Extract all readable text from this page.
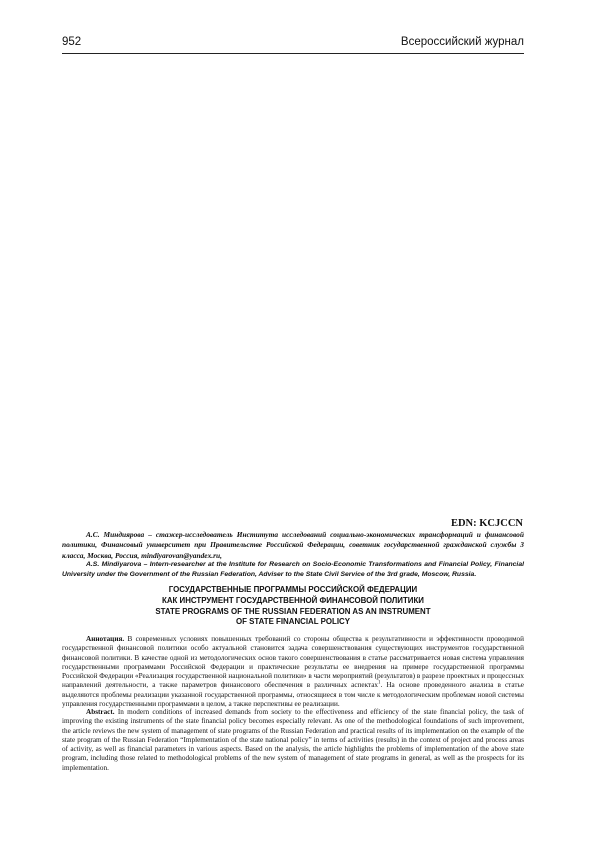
952	Всероссийский журнал
EDN: KCJCCN

А.С. Миндиярова – стажер-исследователь Института исследований социально-экономических трансформаций и финансовой политики, Финансовый университет при Правительстве Российской Федерации, советник государственной гражданской службы 3 класса, Москва, Россия, mindiyarovan@yandex.ru,

A.S. Mindiyarova – Intern-researcher at the Institute for Research on Socio-Economic Transformations and Financial Policy, Financial University under the Government of the Russian Federation, Adviser to the State Civil Service of the 3rd grade, Moscow, Russia.

ГОСУДАРСТВЕННЫЕ ПРОГРАММЫ РОССИЙСКОЙ ФЕДЕРАЦИИ
КАК ИНСТРУМЕНТ ГОСУДАРСТВЕННОЙ ФИНАНСОВОЙ ПОЛИТИКИ
STATE PROGRAMS OF THE RUSSIAN FEDERATION AS AN INSTRUMENT
OF STATE FINANCIAL POLICY

Аннотация. В современных условиях повышенных требований со стороны общества к результативности и эффективности проводимой государственной финансовой политики особо актуальной становится задача совершенствования существующих инструментов государственной финансовой политики. В качестве одной из методологических основ такого совершенствования в статье рассматривается новая система управления государственными программами Российской Федерации и практические результаты ее внедрения на примере государственной программы Российской Федерации «Реализация государственной национальной политики» в части мероприятий (результатов) в разрезе проектных и процессных направлений деятельности, а также параметров финансового обеспечения в различных аспектах$^1$. На основе проведенного анализа в статье выделяются проблемы реализации указанной государственной программы, относящиеся в том числе к методологическим проблемам новой системы управления государственными программами в целом, а также перспективы ее реализации.

Abstract. In modern conditions of increased demands from society to the effectiveness and efficiency of the state financial policy, the task of improving the existing instruments of the state financial policy becomes especially relevant. As one of the methodological foundations of such improvement, the article reviews the new system of management of state programs of the Russian Federation and practical results of its implementation on the example of the state program of the Russian Federation “Implementation of the state national policy” in terms of activities (results) in the context of project and process areas of activity, as well as financial parameters in various aspects. Based on the analysis, the article highlights the problems of implementation of the above state program, including those related to methodological problems of the new system of management of state programs in general, as well as the prospects for its implementation.
